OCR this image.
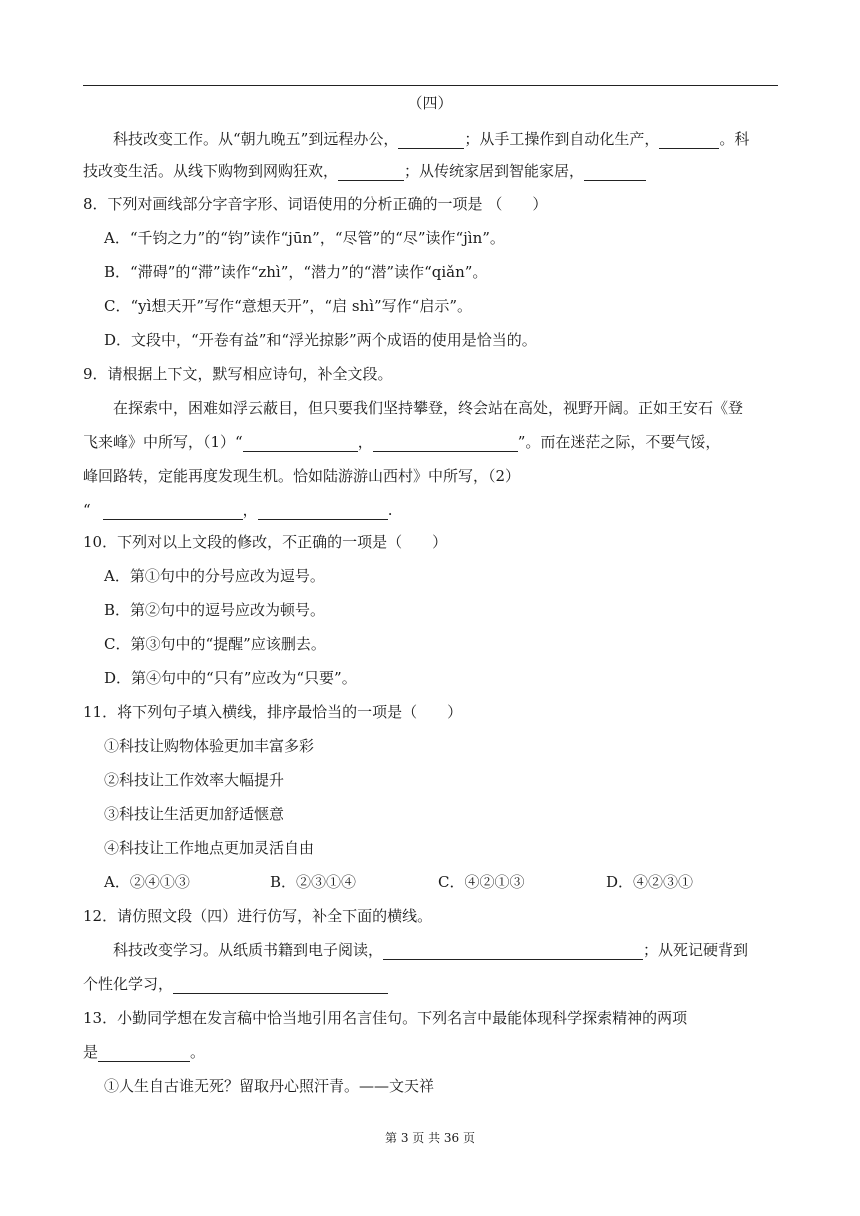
（四）
科技改变工作。从“朝九晚五”到远程办公，	；从手工操作到自动化生产，	。科
技改变生活。从线下购物到网购狂欢，	；从传统家居到智能家居，
8．下列对画线部分字音字形、词语使用的分析正确的一项是 （　　）
A．“千钧之力”的“钧”读作“jūn”，“尽管”的“尽”读作“jìn”。
B．“滞碍”的“滞”读作“zhì”，“潜力”的“潜”读作“qiǎn”。
C．“yì想天开”写作“意想天开”，“启 shì”写作“启示”。
D．文段中，“开卷有益”和“浮光掠影”两个成语的使用是恰当的。
9．请根据上下文，默写相应诗句，补全文段。
在探索中，困难如浮云蔽目，但只要我们坚持攀登，终会站在高处，视野开阔。正如王安石《登
飞来峰》中所写，（1）“	，	”。而在迷茫之际，不要气馁，
峰回路转，定能再度发现生机。恰如陆游游山西村》中所写，（2）
“	，	.
10．下列对以上文段的修改，不正确的一项是（　　）
A．第①句中的分号应改为逗号。
B．第②句中的逗号应改为顿号。
C．第③句中的“提醒”应该删去。
D．第④句中的“只有”应改为“只要”。
11．将下列句子填入横线，排序最恰当的一项是（　　）
①科技让购物体验更加丰富多彩
②科技让工作效率大幅提升
③科技让生活更加舒适惬意
④科技让工作地点更加灵活自由
A．②④①③	B．②③①④	C．④②①③	D．④②③①
12．请仿照文段（四）进行仿写，补全下面的横线。
科技改变学习。从纸质书籍到电子阅读，	；从死记硬背到
个性化学习，
13．小勤同学想在发言稿中恰当地引用名言佳句。下列名言中最能体现科学探索精神的两项
是	。
①人生自古谁无死？留取丹心照汗青。——文天祥
第 3 页 共 36 页
